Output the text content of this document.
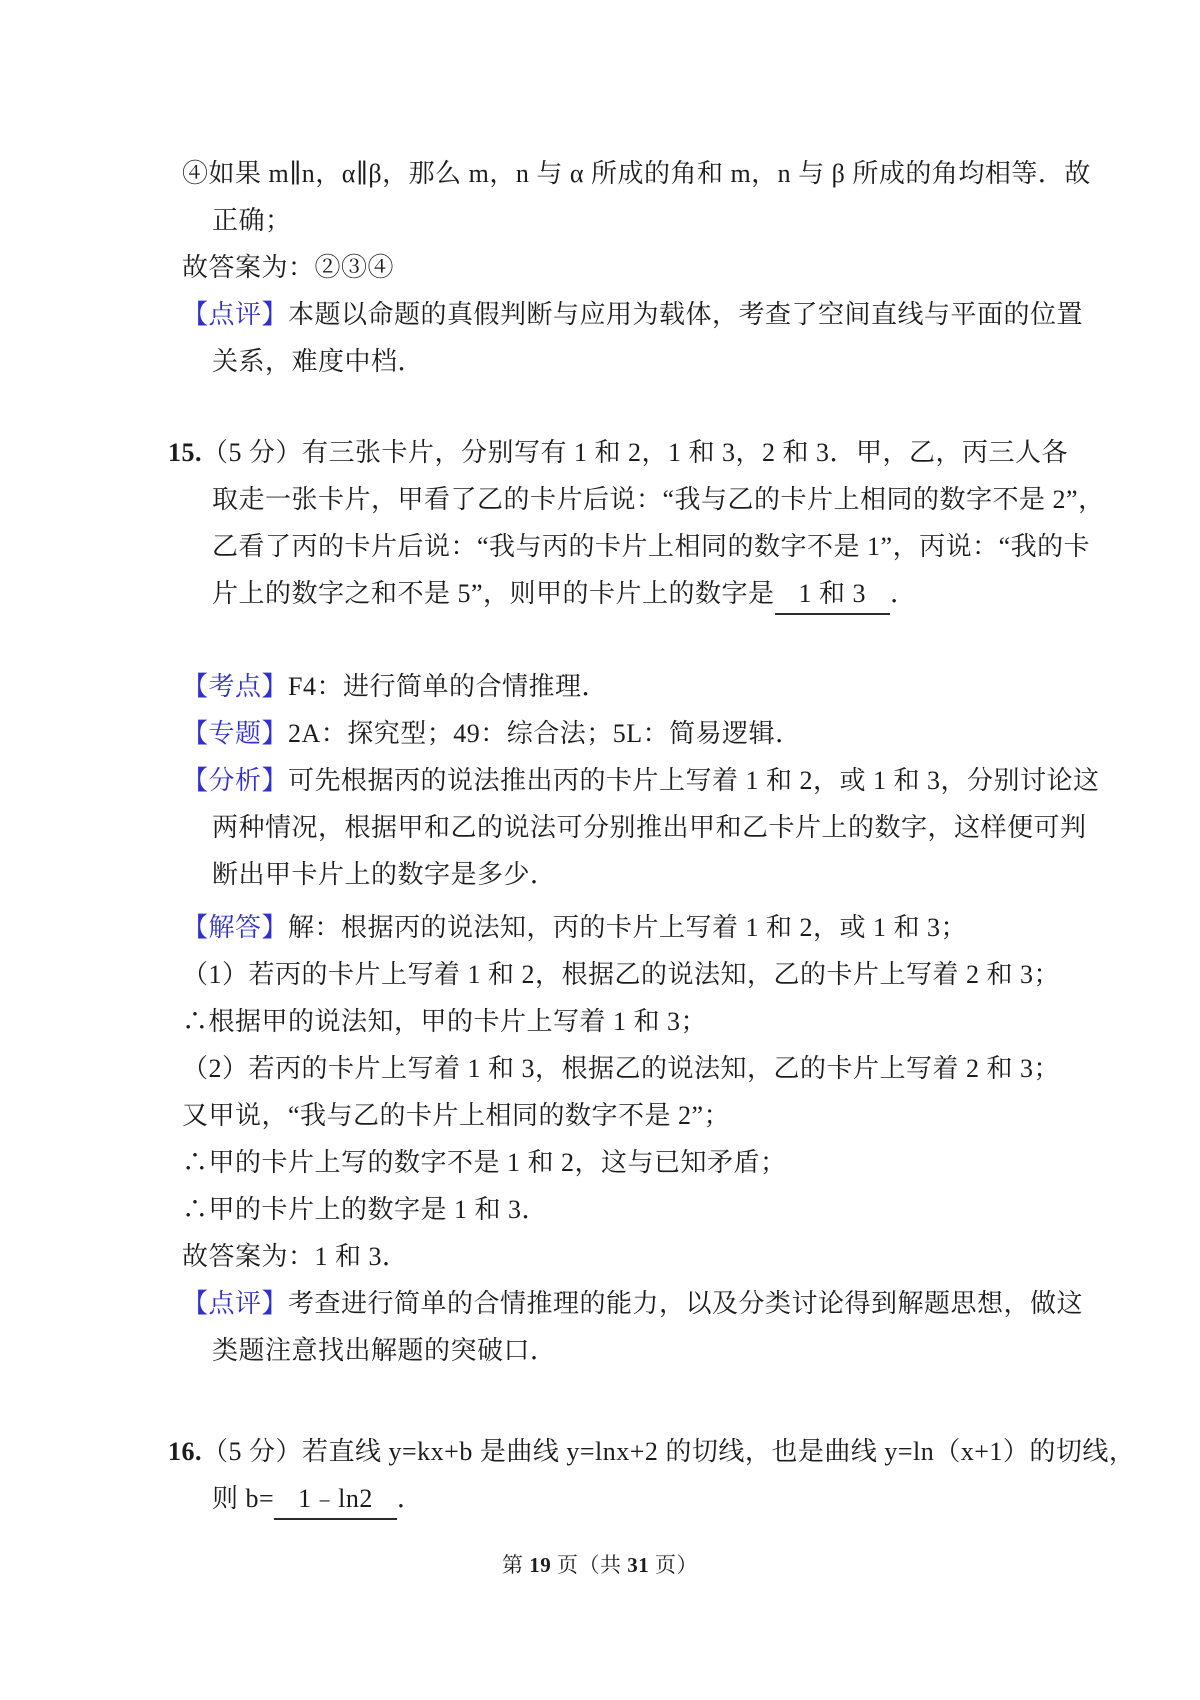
④如果 m∥n，α∥β，那么 m，n 与 α 所成的角和 m，n 与 β 所成的角均相等．故
正确；
故答案为：②③④
【点评】本题以命题的真假判断与应用为载体，考查了空间直线与平面的位置
关系，难度中档．
15.（5 分）有三张卡片，分别写有 1 和 2，1 和 3，2 和 3．甲，乙，丙三人各
取走一张卡片，甲看了乙的卡片后说：“我与乙的卡片上相同的数字不是 2”，
乙看了丙的卡片后说：“我与丙的卡片上相同的数字不是 1”，丙说：“我的卡
片上的数字之和不是 5”，则甲的卡片上的数字是 1 和 3 ．
【考点】F4：进行简单的合情推理．
【专题】2A：探究型；49：综合法；5L：简易逻辑．
【分析】可先根据丙的说法推出丙的卡片上写着 1 和 2，或 1 和 3，分别讨论这
两种情况，根据甲和乙的说法可分别推出甲和乙卡片上的数字，这样便可判
断出甲卡片上的数字是多少．
【解答】解：根据丙的说法知，丙的卡片上写着 1 和 2，或 1 和 3；
（1）若丙的卡片上写着 1 和 2，根据乙的说法知，乙的卡片上写着 2 和 3；
∴根据甲的说法知，甲的卡片上写着 1 和 3；
（2）若丙的卡片上写着 1 和 3，根据乙的说法知，乙的卡片上写着 2 和 3；
又甲说，“我与乙的卡片上相同的数字不是 2”；
∴甲的卡片上写的数字不是 1 和 2，这与已知矛盾；
∴甲的卡片上的数字是 1 和 3．
故答案为：1 和 3．
【点评】考查进行简单的合情推理的能力，以及分类讨论得到解题思想，做这
类题注意找出解题的突破口．
16.（5 分）若直线 y=kx+b 是曲线 y=lnx+2 的切线，也是曲线 y=ln（x+1）的切线，
则 b= 1﹣ln2 ．
第 19 页（共 31 页）
